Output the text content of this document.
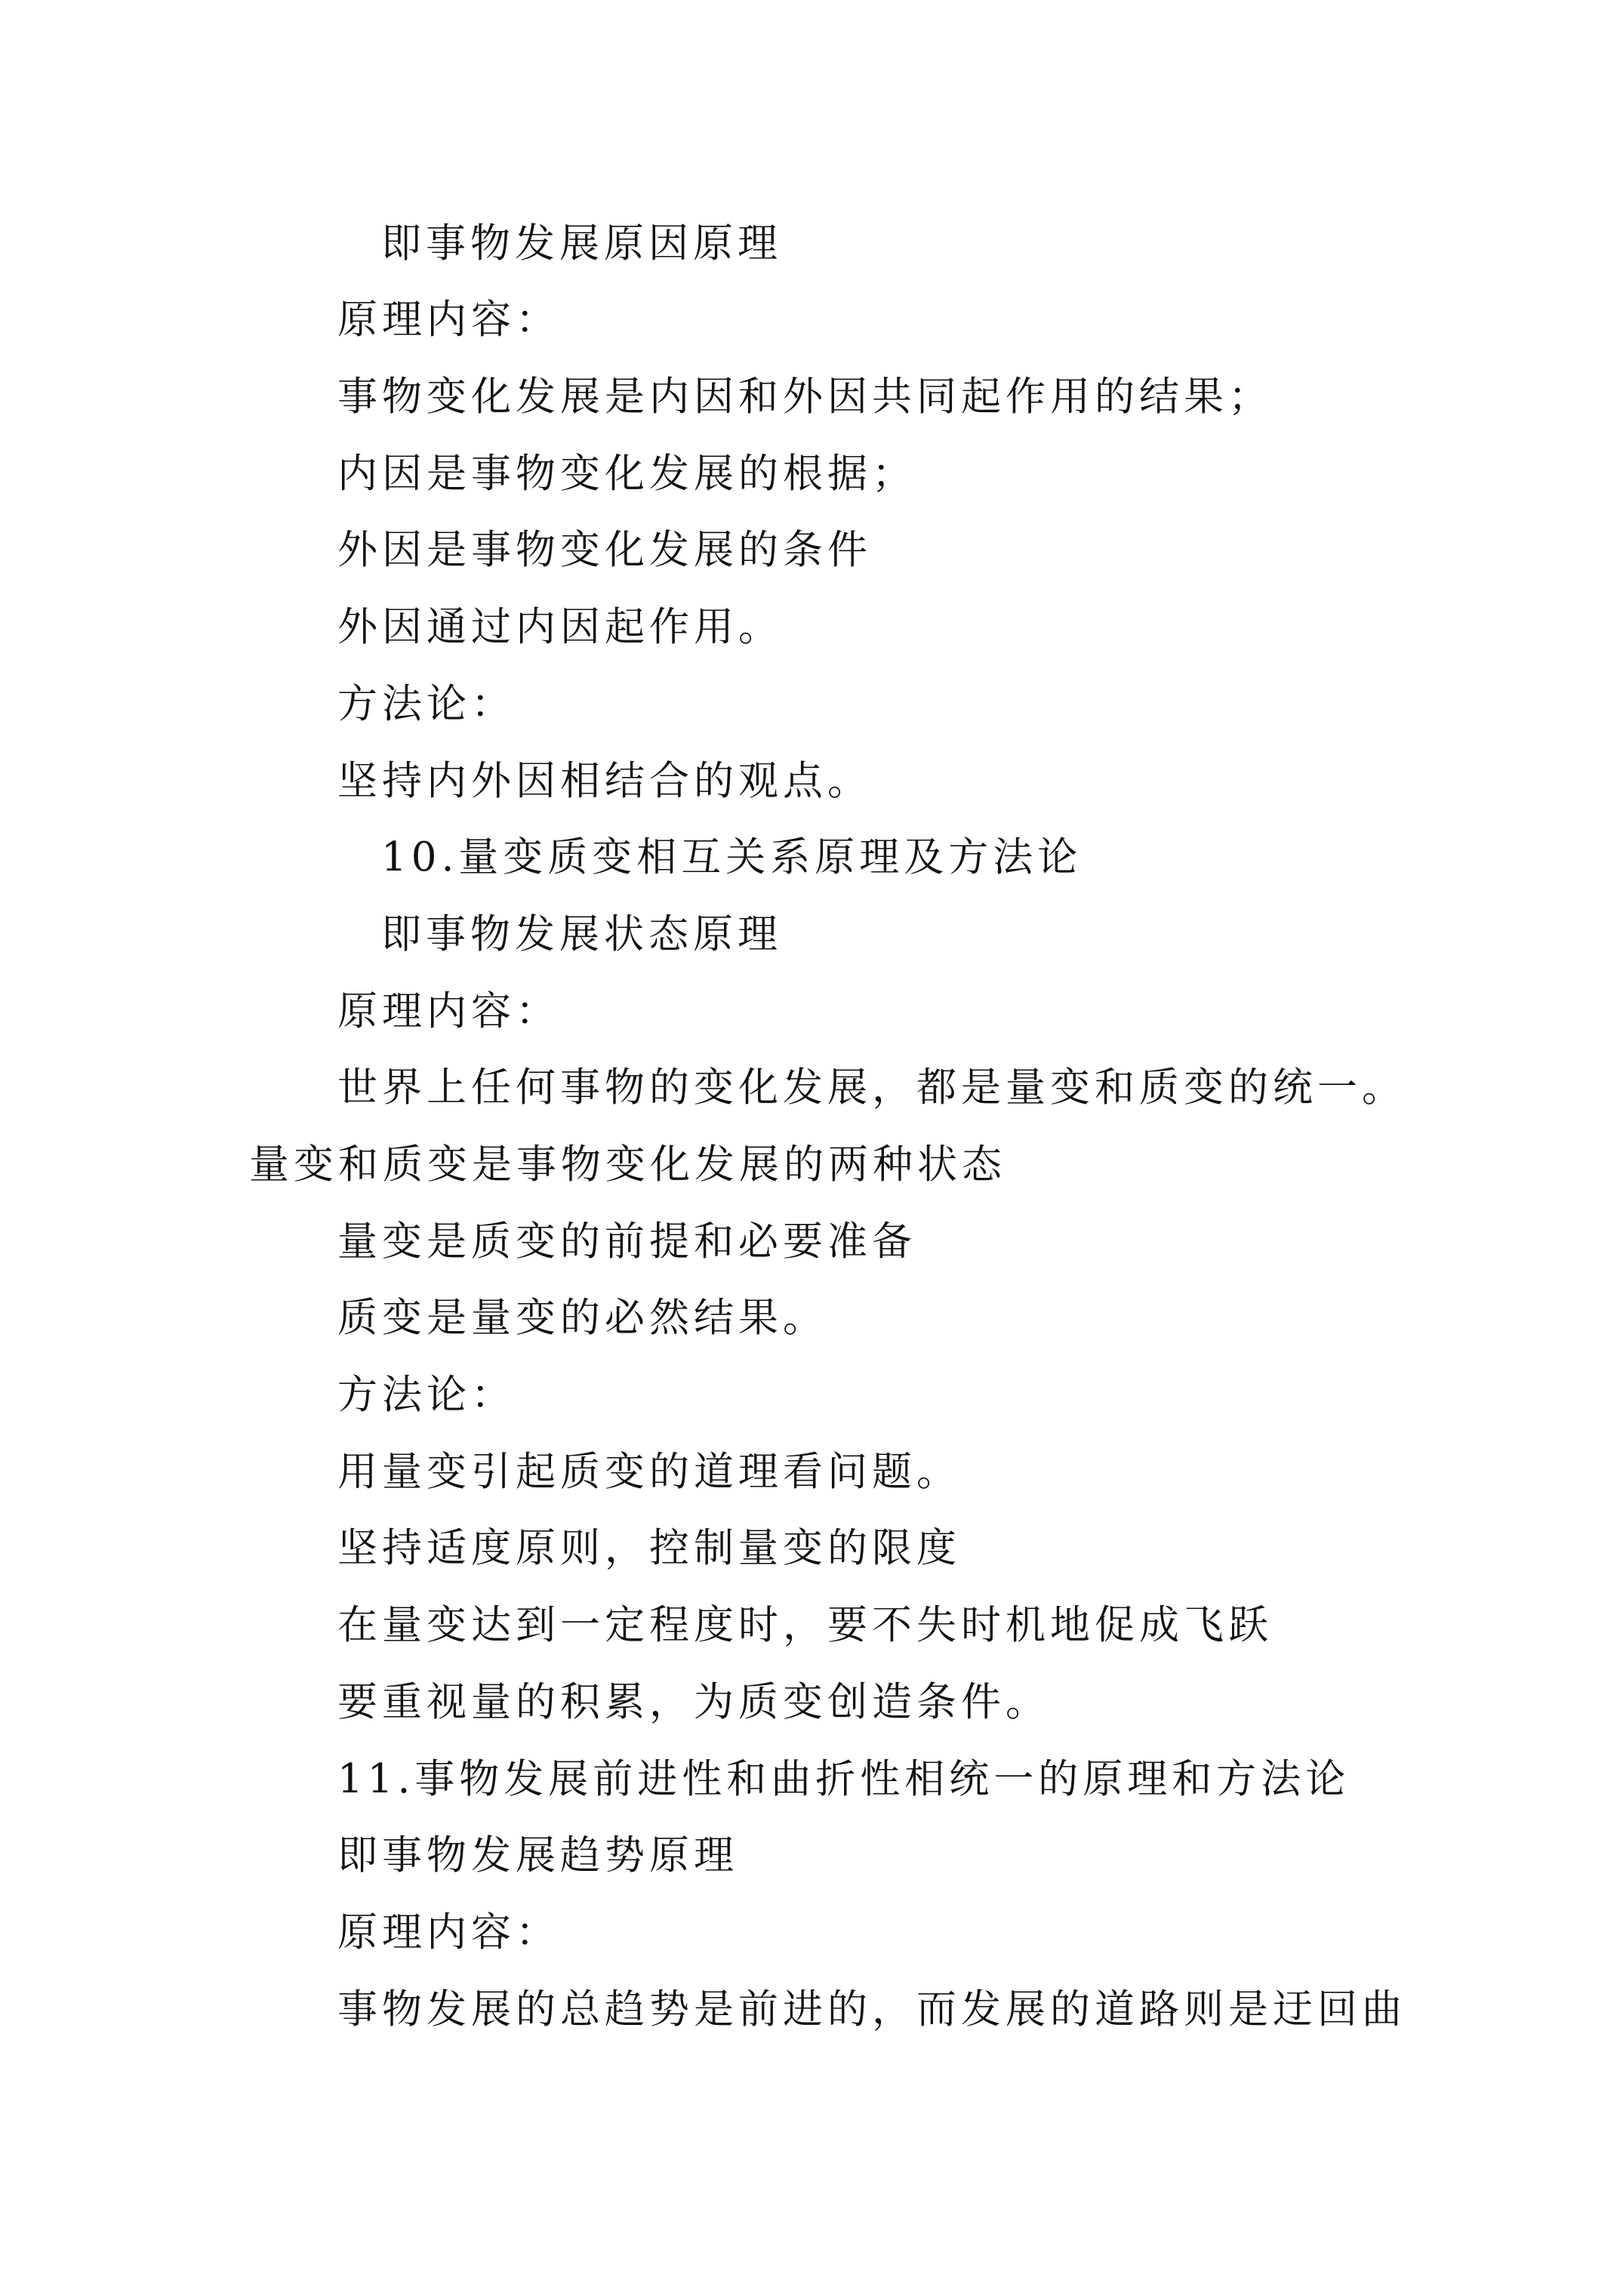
即事物发展原因原理
原理内容：
事物变化发展是内因和外因共同起作用的结果；
内因是事物变化发展的根据；
外因是事物变化发展的条件
外因通过内因起作用。
方法论：
坚持内外因相结合的观点。
10.量变质变相互关系原理及方法论
即事物发展状态原理
原理内容：
世界上任何事物的变化发展，都是量变和质变的统一。
量变和质变是事物变化发展的两种状态
量变是质变的前提和必要准备
质变是量变的必然结果。
方法论：
用量变引起质变的道理看问题。
坚持适度原则，控制量变的限度
在量变达到一定程度时，要不失时机地促成飞跃
要重视量的积累，为质变创造条件。
11.事物发展前进性和曲折性相统一的原理和方法论
即事物发展趋势原理
原理内容：
事物发展的总趋势是前进的，而发展的道路则是迂回曲
